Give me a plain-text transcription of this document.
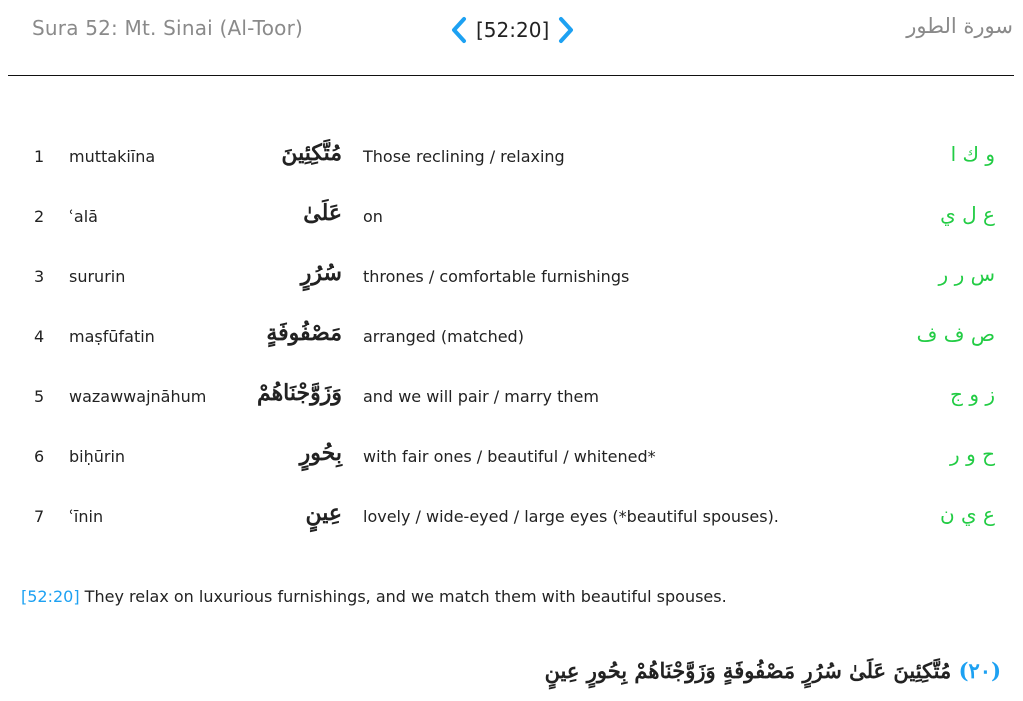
Sura 52: Mt. Sinai (Al-Toor)	[52:20]	سورة الطور
1 muttakiīna	مُتَّكِئِينَ Those reclining / relaxing	و ك ا
2 ʿalā	عَلَىٰ on	ع ل ي
3 sururin	سُرُرٍ thrones / comfortable furnishings	س ر ر
4 maṣfūfatin	مَصْفُوفَةٍ arranged (matched)	ص ف ف
5 wazawwajnāhum وَزَوَّجْنَاهُمْ and we will pair / marry them	ز و ج
6 biḥūrin	بِحُورٍ with fair ones / beautiful / whitened*	ح و ر
7 ʿīnin	عِينٍ lovely / wide-eyed / large eyes (*beautiful spouses).	ع ي ن
[52:20] They relax on luxurious furnishings, and we match them with beautiful spouses.
(٢٠) مُتَّكِئِينَ عَلَىٰ سُرُرٍ مَصْفُوفَةٍ وَزَوَّجْنَاهُمْ بِحُورٍ عِينٍ
